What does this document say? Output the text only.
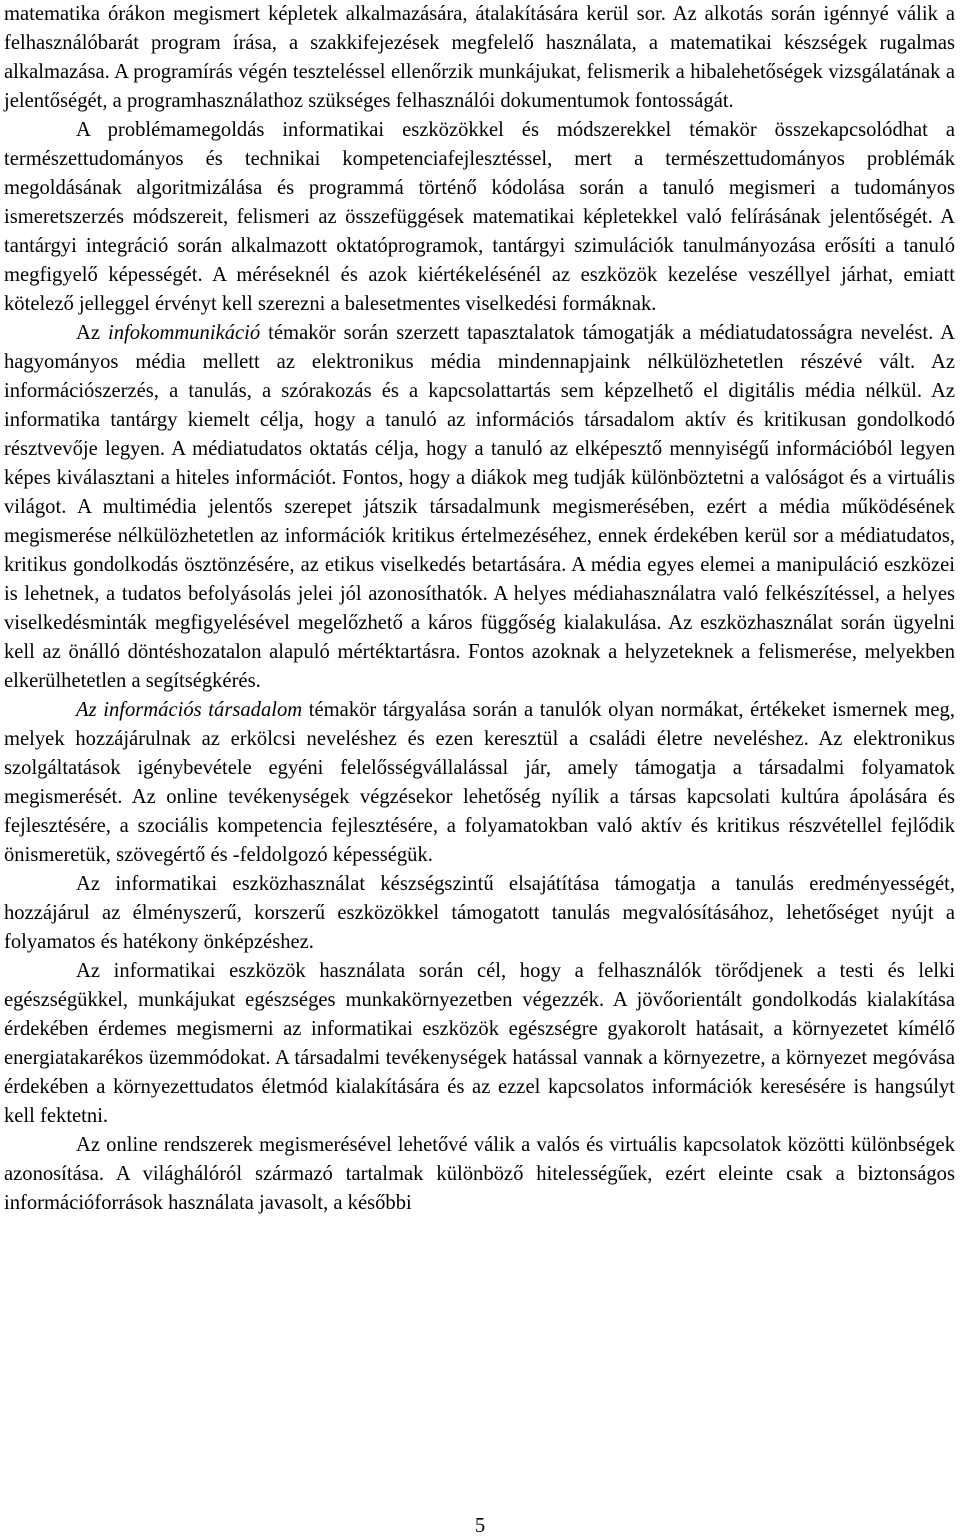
matematika órákon megismert képletek alkalmazására, átalakítására kerül sor. Az alkotás során igénnyé válik a felhasználóbarát program írása, a szakkifejezések megfelelő használata, a matematikai készségek rugalmas alkalmazása. A programírás végén teszteléssel ellenőrzik munkájukat, felismerik a hibalehetőségek vizsgálatának a jelentőségét, a programhasználathoz szükséges felhasználói dokumentumok fontosságát.

A problémamegoldás informatikai eszközökkel és módszerekkel témakör összekapcsolódhat a természettudományos és technikai kompetenciafejlesztéssel, mert a természettudományos problémák megoldásának algoritmizálása és programmá történő kódolása során a tanuló megismeri a tudományos ismeretszerzés módszereit, felismeri az összefüggések matematikai képletekkel való felírásának jelentőségét. A tantárgyi integráció során alkalmazott oktatóprogramok, tantárgyi szimulációk tanulmányozása erősíti a tanuló megfigyelő képességét. A méréseknél és azok kiértékelésénél az eszközök kezelése veszéllyel járhat, emiatt kötelező jelleggel érvényt kell szerezni a balesetmentes viselkedési formáknak.

Az infokommunikáció témakör során szerzett tapasztalatok támogatják a médiatudatosságra nevelést. A hagyományos média mellett az elektronikus média mindennapjaink nélkülözhetetlen részévé vált. Az információszerzés, a tanulás, a szórakozás és a kapcsolattartás sem képzelhető el digitális média nélkül. Az informatika tantárgy kiemelt célja, hogy a tanuló az információs társadalom aktív és kritikusan gondolkodó résztvevője legyen. A médiatudatos oktatás célja, hogy a tanuló az elképesztő mennyiségű információból legyen képes kiválasztani a hiteles információt. Fontos, hogy a diákok meg tudják különböztetni a valóságot és a virtuális világot. A multimédia jelentős szerepet játszik társadalmunk megismerésében, ezért a média működésének megismerése nélkülözhetetlen az információk kritikus értelmezéséhez, ennek érdekében kerül sor a médiatudatos, kritikus gondolkodás ösztönzésére, az etikus viselkedés betartására. A média egyes elemei a manipuláció eszközei is lehetnek, a tudatos befolyásolás jelei jól azonosíthatók. A helyes médiahasználatra való felkészítéssel, a helyes viselkedésminták megfigyelésével megelőzhető a káros függőség kialakulása. Az eszközhasználat során ügyelni kell az önálló döntéshozatalon alapuló mértéktartásra. Fontos azoknak a helyzeteknek a felismerése, melyekben elkerülhetetlen a segítségkérés.

Az információs társadalom témakör tárgyalása során a tanulók olyan normákat, értékeket ismernek meg, melyek hozzájárulnak az erkölcsi neveléshez és ezen keresztül a családi életre neveléshez. Az elektronikus szolgáltatások igénybevétele egyéni felelősségvállalással jár, amely támogatja a társadalmi folyamatok megismerését. Az online tevékenységek végzésekor lehetőség nyílik a társas kapcsolati kultúra ápolására és fejlesztésére, a szociális kompetencia fejlesztésére, a folyamatokban való aktív és kritikus részvétellel fejlődik önismeretük, szövegértő és -feldolgozó képességük.

Az informatikai eszközhasználat készségszintű elsajátítása támogatja a tanulás eredményességét, hozzájárul az élményszerű, korszerű eszközökkel támogatott tanulás megvalósításához, lehetőséget nyújt a folyamatos és hatékony önképzéshez.

Az informatikai eszközök használata során cél, hogy a felhasználók törődjenek a testi és lelki egészségükkel, munkájukat egészséges munkakörnyezetben végezzék. A jövőorientált gondolkodás kialakítása érdekében érdemes megismerni az informatikai eszközök egészségre gyakorolt hatásait, a környezetet kímélő energiatakarékos üzemmódokat. A társadalmi tevékenységek hatással vannak a környezetre, a környezet megóvása érdekében a környezettudatos életmód kialakítására és az ezzel kapcsolatos információk keresésére is hangsúlyt kell fektetni.

Az online rendszerek megismerésével lehetővé válik a valós és virtuális kapcsolatok közötti különbségek azonosítása. A világhálóról származó tartalmak különböző hitelességűek, ezért eleinte csak a biztonságos információforrások használata javasolt, a későbbi

5
